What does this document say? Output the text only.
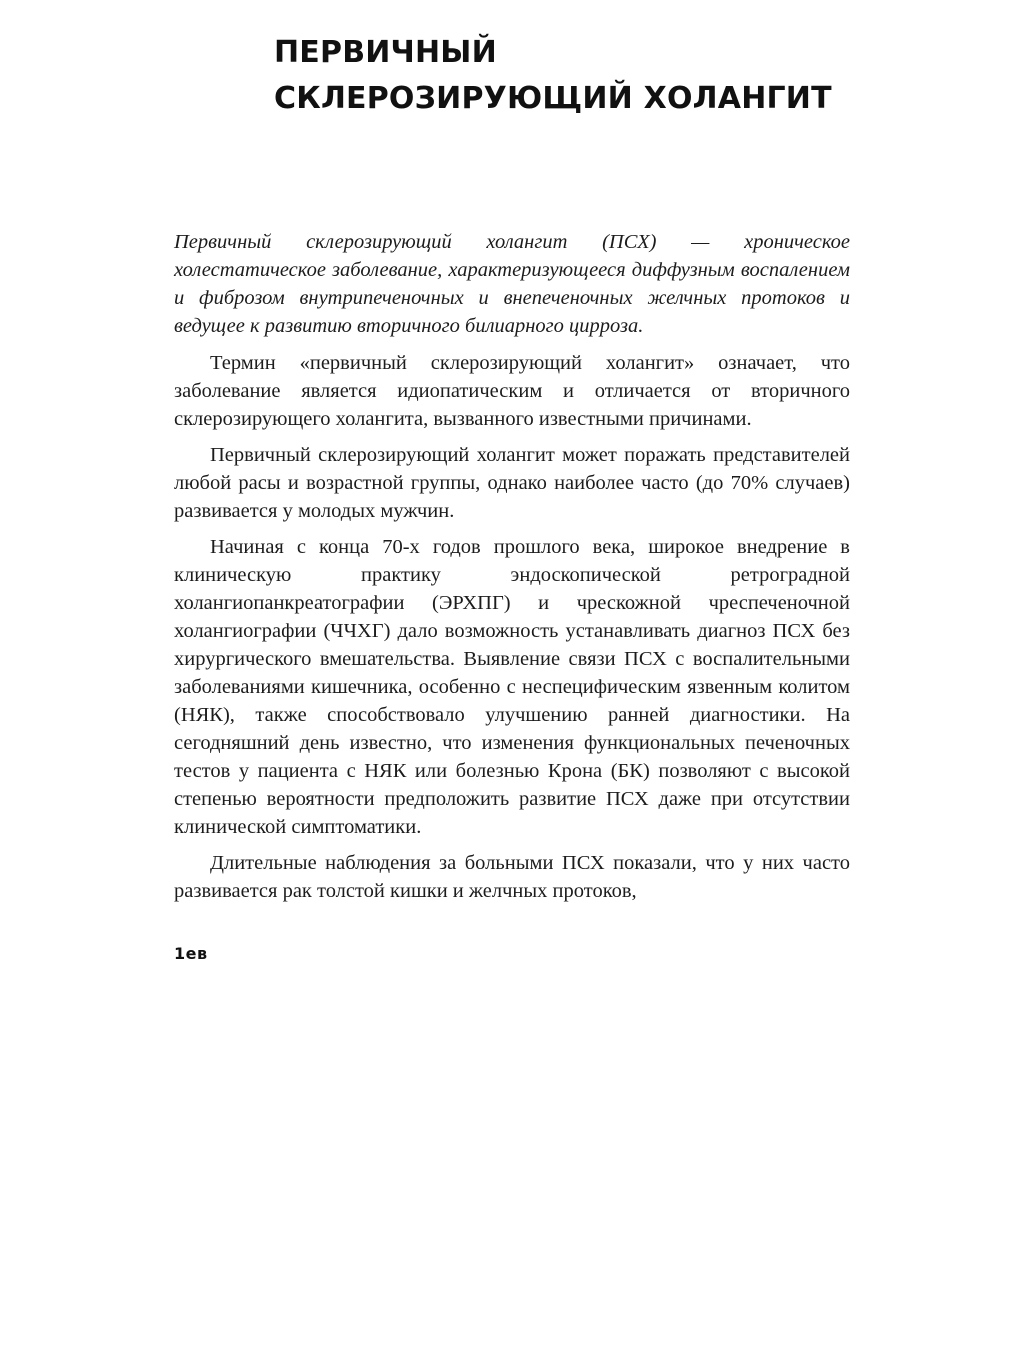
ПЕРВИЧНЫЙ
СКЛЕРОЗИРУЮЩИЙ ХОЛАНГИТ

Первичный склерозирующий холангит (ПСХ) — хроническое холестатическое заболевание, характеризующееся диффузным воспалением и фиброзом внутрипеченочных и внепеченочных желчных протоков и ведущее к развитию вторичного билиарного цирроза.

Термин «первичный склерозирующий холангит» означает, что заболевание является идиопатическим и отличается от вторичного склерозирующего холангита, вызванного известными причинами.

Первичный склерозирующий холангит может поражать представителей любой расы и возрастной группы, однако наиболее часто (до 70% случаев) развивается у молодых мужчин.

Начиная с конца 70-х годов прошлого века, широкое внедрение в клиническую практику эндоскопической ретроградной холангиопанкреатографии (ЭРХПГ) и чрескожной чреспеченочной холангиографии (ЧЧХГ) дало возможность устанавливать диагноз ПСХ без хирургического вмешательства. Выявление связи ПСХ с воспалительными заболеваниями кишечника, особенно с неспецифическим язвенным колитом (НЯК), также способствовало улучшению ранней диагностики. На сегодняшний день известно, что изменения функциональных печеночных тестов у пациента с НЯК или болезнью Крона (БК) позволяют с высокой степенью вероятности предположить развитие ПСХ даже при отсутствии клинической симптоматики.

Длительные наблюдения за больными ПСХ показали, что у них часто развивается рак толстой кишки и желчных протоков,

1ев
